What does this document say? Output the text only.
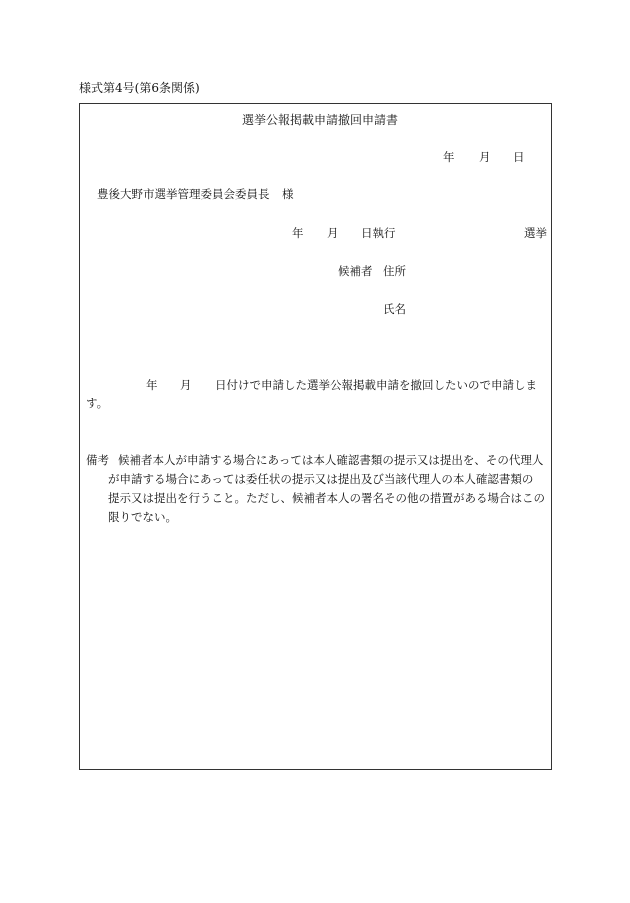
様式第4号(第6条関係)
選挙公報掲載申請撤回申請書
年 月 日
豊後大野市選挙管理委員会委員長 様
年 月 日執行	選挙
候補者 住所
氏名
年 月 日付けで申請した選挙公報掲載申請を撤回したいので申請しま
す。
備考 候補者本人が申請する場合にあっては本人確認書類の提示又は提出を、その代理人
が申請する場合にあっては委任状の提示又は提出及び当該代理人の本人確認書類の
提示又は提出を行うこと。ただし、候補者本人の署名その他の措置がある場合はこの
限りでない。
